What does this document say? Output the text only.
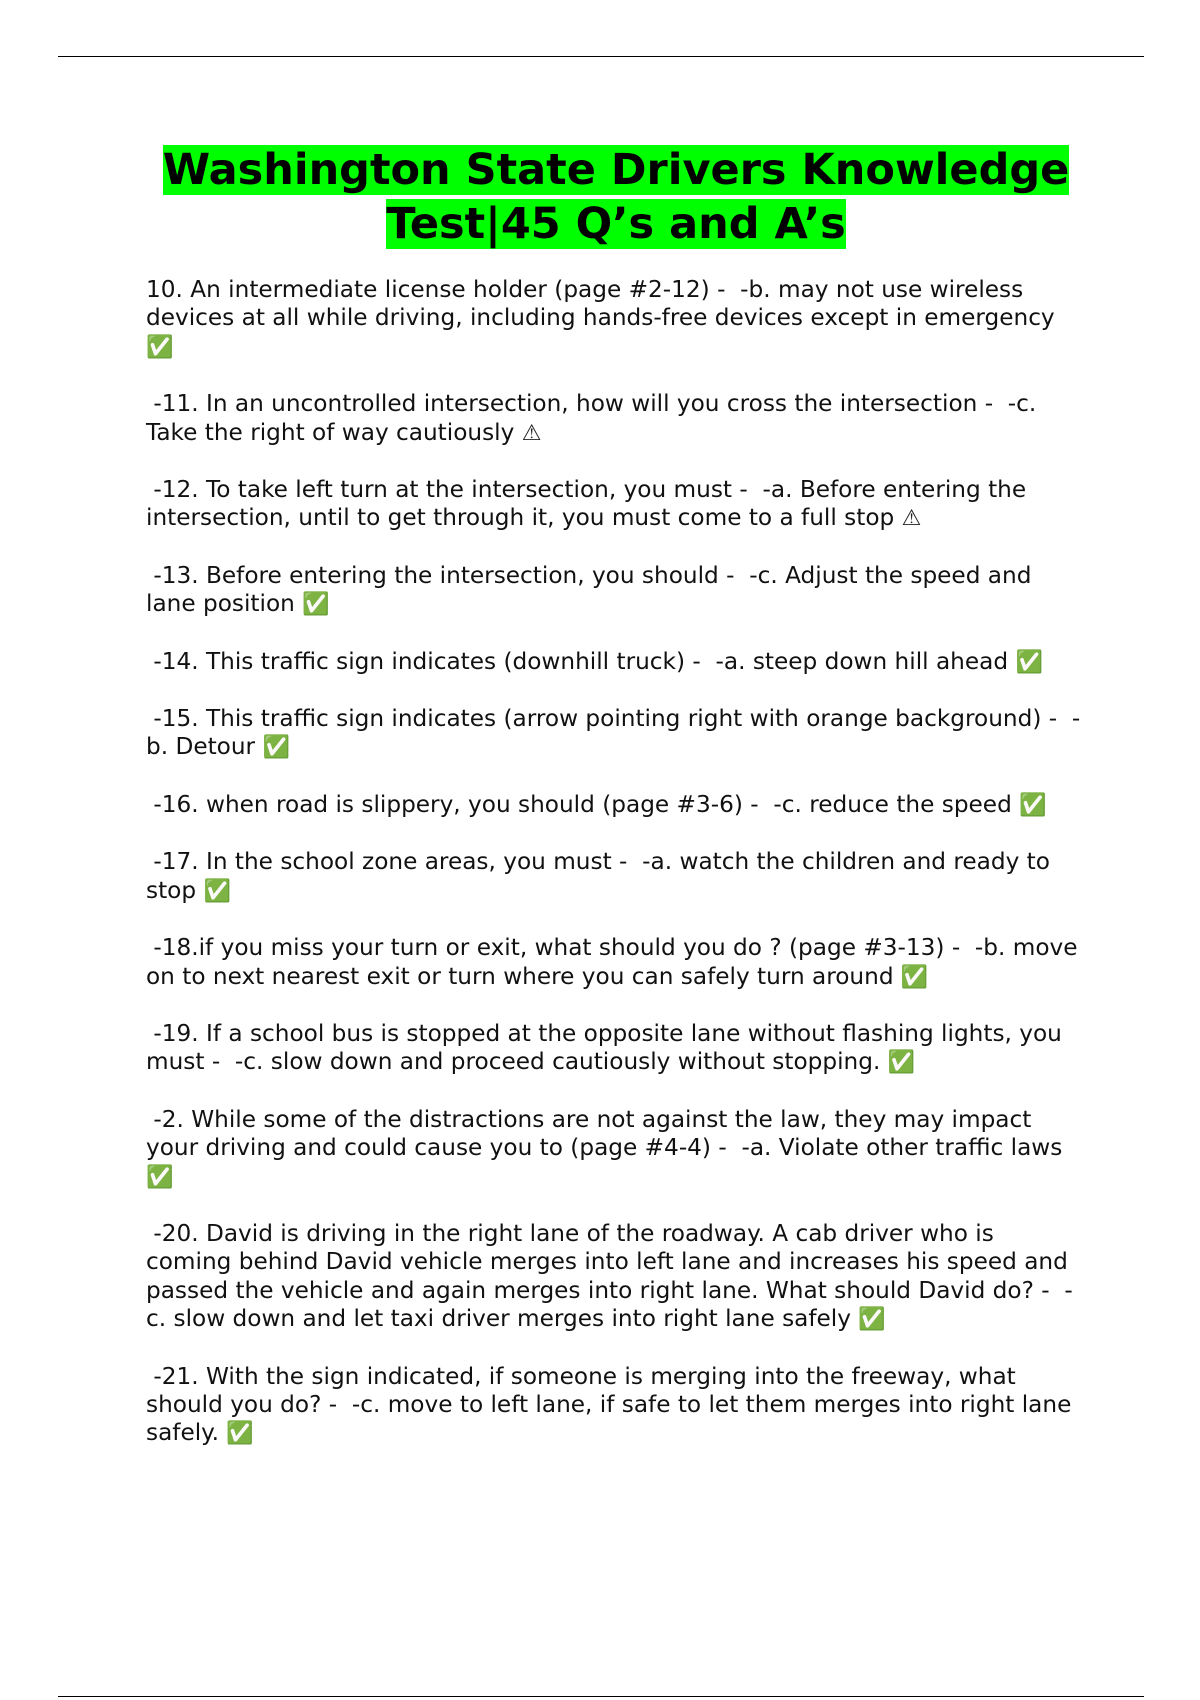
Washington State Drivers Knowledge
Test|45 Q’s and A’s

10. An intermediate license holder (page #2-12) -  -b. may not use wireless devices at all while driving, including hands-free devices except in emergency ✅

-11. In an uncontrolled intersection, how will you cross the intersection -  -c. Take the right of way cautiously ⚠

-12. To take left turn at the intersection, you must -  -a. Before entering the intersection, until to get through it, you must come to a full stop ⚠

-13. Before entering the intersection, you should -  -c. Adjust the speed and lane position ✅

-14. This traffic sign indicates (downhill truck) -  -a. steep down hill ahead ✅

-15. This traffic sign indicates (arrow pointing right with orange background) -  -b. Detour ✅

-16. when road is slippery, you should (page #3-6) -  -c. reduce the speed ✅

-17. In the school zone areas, you must -  -a. watch the children and ready to stop ✅

-18.if you miss your turn or exit, what should you do ? (page #3-13) -  -b. move on to next nearest exit or turn where you can safely turn around ✅

-19. If a school bus is stopped at the opposite lane without flashing lights, you must -  -c. slow down and proceed cautiously without stopping. ✅

-2. While some of the distractions are not against the law, they may impact your driving and could cause you to (page #4-4) -  -a. Violate other traffic laws ✅

-20. David is driving in the right lane of the roadway. A cab driver who is coming behind David vehicle merges into left lane and increases his speed and passed the vehicle and again merges into right lane. What should David do? -  -c. slow down and let taxi driver merges into right lane safely ✅

-21. With the sign indicated, if someone is merging into the freeway, what should you do? -  -c. move to left lane, if safe to let them merges into right lane safely. ✅
